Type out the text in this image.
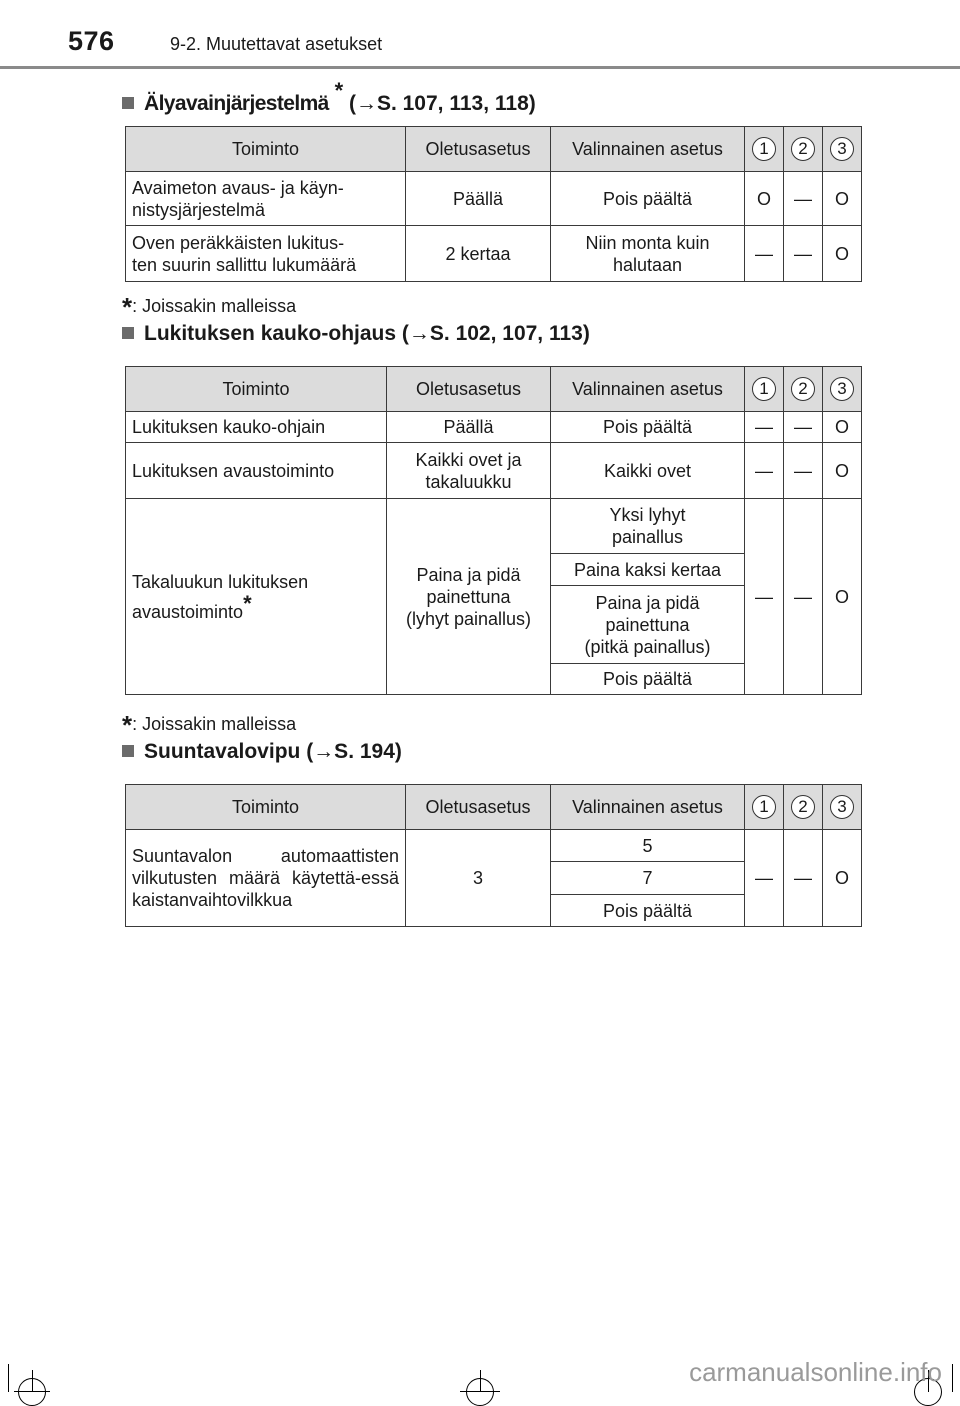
576	9-2. Muutettavat asetukset
Älyavainjärjestelmä * (→S. 107, 113, 118)
Toiminto	Oletusasetus	Valinnainen asetus	1	2	3
Avaimeton avaus- ja käyn-
nistysjärjestelmä	Päällä	Pois päältä	O	—	O
Oven peräkkäisten lukitus-
ten suurin sallittu lukumäärä	2 kertaa	Niin monta kuin
halutaan	—	—	O
*: Joissakin malleissa
Lukituksen kauko-ohjaus (→S. 102, 107, 113)
Toiminto	Oletusasetus	Valinnainen asetus	1	2	3
Lukituksen kauko-ohjain	Päällä	Pois päältä	—	—	O
Lukituksen avaustoiminto	Kaikki ovet ja
takaluukku	Kaikki ovet	—	—	O
Takaluukun lukituksen
avaustoiminto*	Paina ja pidä
painettuna
(lyhyt painallus)	Yksi lyhyt
painallus	—	—	O
		Paina kaksi kertaa			
		Paina ja pidä
painettuna
(pitkä painallus)			
		Pois päältä			
*: Joissakin malleissa
Suuntavalovipu (→S. 194)
Toiminto	Oletusasetus	Valinnainen asetus	1	2	3
Suuntavalon automaattisten vilkutusten määrä käytettä-essä kaistanvaihtovilkkua	3	5	—	—	O
		7			
		Pois päältä			
carmanualsonline.info
